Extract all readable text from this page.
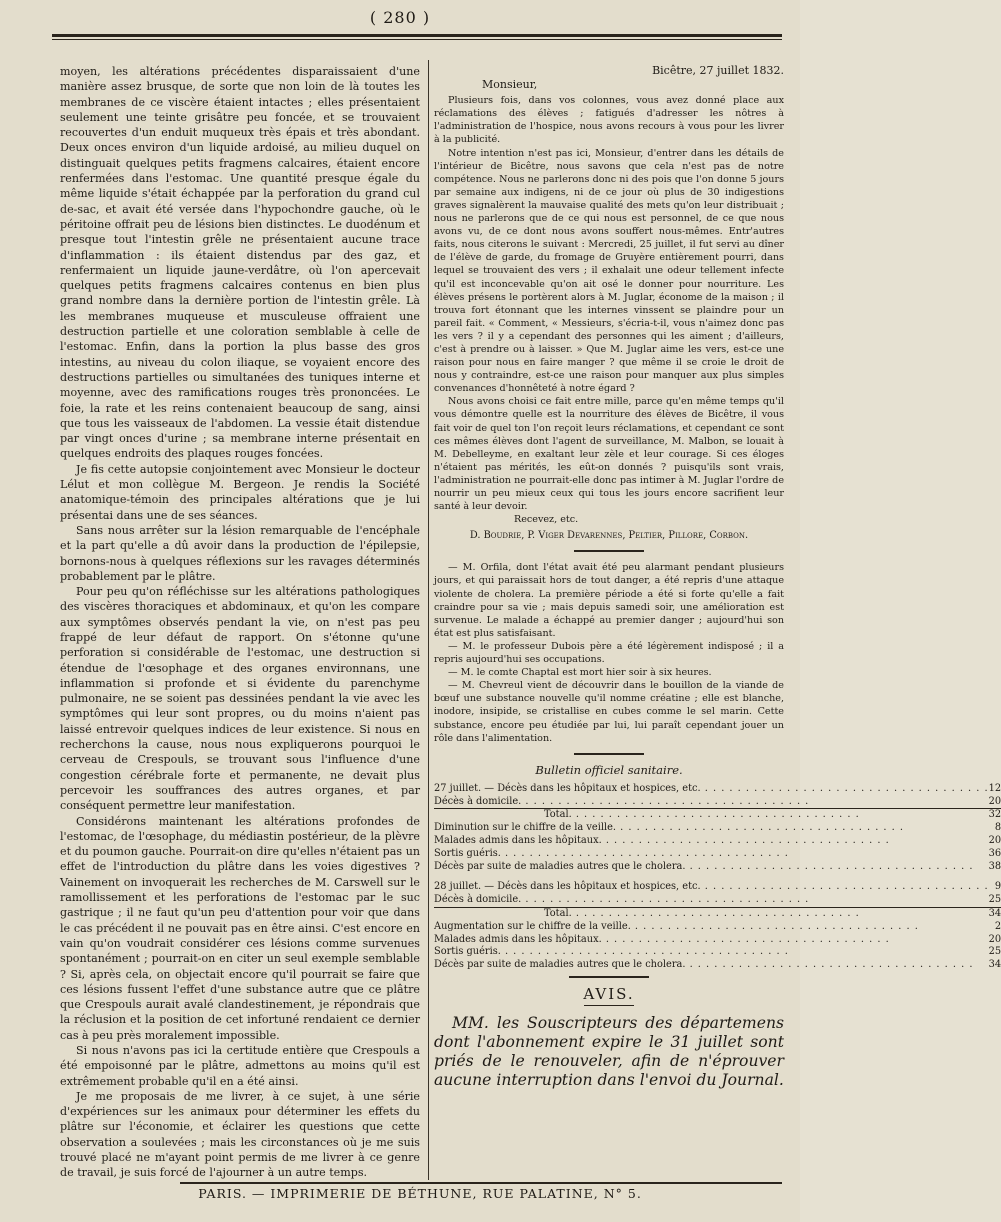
( 280 )

moyen, les altérations précédentes disparaissaient d'une manière assez brusque, de sorte que non loin de là toutes les membranes de ce viscère étaient intactes ; elles présentaient seulement une teinte grisâtre peu foncée, et se trouvaient recouvertes d'un enduit muqueux très épais et très abondant. Deux onces environ d'un liquide ardoisé, au milieu duquel on distinguait quelques petits fragmens calcaires, étaient encore renfermées dans l'estomac. Une quantité presque égale du même liquide s'était échappée par la perforation du grand cul de-sac, et avait été versée dans l'hypochondre gauche, où le péritoine offrait peu de lésions bien distinctes. Le duodénum et presque tout l'intestin grêle ne présentaient aucune trace d'inflammation : ils étaient distendus par des gaz, et renfermaient un liquide jaune-verdâtre, où l'on apercevait quelques petits fragmens calcaires contenus en bien plus grand nombre dans la dernière portion de l'intestin grêle. Là les membranes muqueuse et musculeuse offraient une destruction partielle et une coloration semblable à celle de l'estomac. Enfin, dans la portion la plus basse des gros intestins, au niveau du colon iliaque, se voyaient encore des destructions partielles ou simultanées des tuniques interne et moyenne, avec des ramifications rouges très prononcées. Le foie, la rate et les reins contenaient beaucoup de sang, ainsi que tous les vaisseaux de l'abdomen. La vessie était distendue par vingt onces d'urine ; sa membrane interne présentait en quelques endroits des plaques rouges foncées.

Je fis cette autopsie conjointement avec Monsieur le docteur Lélut et mon collègue M. Bergeon. Je rendis la Société anatomique-témoin des principales altérations que je lui présentai dans une de ses séances.

Sans nous arrêter sur la lésion remarquable de l'encéphale et la part qu'elle a dû avoir dans la production de l'épilepsie, bornons-nous à quelques réflexions sur les ravages déterminés probablement par le plâtre.

Pour peu qu'on réfléchisse sur les altérations pathologiques des viscères thoraciques et abdominaux, et qu'on les compare aux symptômes observés pendant la vie, on n'est pas peu frappé de leur défaut de rapport. On s'étonne qu'une perforation si considérable de l'estomac, une destruction si étendue de l'œsophage et des organes environnans, une inflammation si profonde et si évidente du parenchyme pulmonaire, ne se soient pas dessinées pendant la vie avec les symptômes qui leur sont propres, ou du moins n'aient pas laissé entrevoir quelques indices de leur existence. Si nous en recherchons la cause, nous nous expliquerons pourquoi le cerveau de Crespouls, se trouvant sous l'influence d'une congestion cérébrale forte et permanente, ne devait plus percevoir les souffrances des autres organes, et par conséquent permettre leur manifestation.

Considérons maintenant les altérations profondes de l'estomac, de l'œsophage, du médiastin postérieur, de la plèvre et du poumon gauche. Pourrait-on dire qu'elles n'étaient pas un effet de l'introduction du plâtre dans les voies digestives ? Vainement on invoquerait les recherches de M. Carswell sur le ramollissement et les perforations de l'estomac par le suc gastrique ; il ne faut qu'un peu d'attention pour voir que dans le cas précédent il ne pouvait pas en être ainsi. C'est encore en vain qu'on voudrait considérer ces lésions comme survenues spontanément ; pourrait-on en citer un seul exemple semblable ? Si, après cela, on objectait encore qu'il pourrait se faire que ces lésions fussent l'effet d'une substance autre que ce plâtre que Crespouls aurait avalé clandestinement, je répondrais que la réclusion et la position de cet infortuné rendaient ce dernier cas à peu près moralement impossible.

Si nous n'avons pas ici la certitude entière que Crespouls a été empoisonné par le plâtre, admettons au moins qu'il est extrêmement probable qu'il en a été ainsi.

Je me proposais de me livrer, à ce sujet, à une série d'expériences sur les animaux pour déterminer les effets du plâtre sur l'économie, et éclairer les questions que cette observation a soulevées ; mais les circonstances où je me suis trouvé placé ne m'ayant point permis de me livrer à ce genre de travail, je suis forcé de l'ajourner à un autre temps.

Bicêtre, 27 juillet 1832.
Monsieur,

Plusieurs fois, dans vos colonnes, vous avez donné place aux réclamations des élèves ; fatigués d'adresser les nôtres à l'administration de l'hospice, nous avons recours à vous pour les livrer à la publicité.

Notre intention n'est pas ici, Monsieur, d'entrer dans les détails de l'intérieur de Bicêtre, nous savons que cela n'est pas de notre compétence. Nous ne parlerons donc ni des pois que l'on donne 5 jours par semaine aux indigens, ni de ce jour où plus de 30 indigestions graves signalèrent la mauvaise qualité des mets qu'on leur distribuait ; nous ne parlerons que de ce qui nous est personnel, de ce que nous avons vu, de ce dont nous avons souffert nous-mêmes. Entr'autres faits, nous citerons le suivant : Mercredi, 25 juillet, il fut servi au dîner de l'élève de garde, du fromage de Gruyère entièrement pourri, dans lequel se trouvaient des vers ; il exhalait une odeur tellement infecte qu'il est inconcevable qu'on ait osé le donner pour nourriture. Les élèves présens le portèrent alors à M. Juglar, économe de la maison ; il trouva fort étonnant que les internes vinssent se plaindre pour un pareil fait. « Comment, « Messieurs, s'écria-t-il, vous n'aimez donc pas les vers ? il y a cependant des personnes qui les aiment ; d'ailleurs, c'est à prendre ou à laisser. » Que M. Juglar aime les vers, est-ce une raison pour nous en faire manger ? que même il se croie le droit de nous y contraindre, est-ce une raison pour manquer aux plus simples convenances d'honnêteté à notre égard ?

Nous avons choisi ce fait entre mille, parce qu'en même temps qu'il vous démontre quelle est la nourriture des élèves de Bicêtre, il vous fait voir de quel ton l'on reçoit leurs réclamations, et cependant ce sont ces mêmes élèves dont l'agent de surveillance, M. Malbon, se louait à M. Debelleyme, en exaltant leur zèle et leur courage. Si ces éloges n'étaient pas mérités, les eût-on donnés ? puisqu'ils sont vrais, l'administration ne pourrait-elle donc pas intimer à M. Juglar l'ordre de nourrir un peu mieux ceux qui tous les jours encore sacrifient leur santé à leur devoir.

Recevez, etc.

D. Boudrie, P. Viger Devarennes, Peltier, Pillore, Corbon.

— M. Orfila, dont l'état avait été peu alarmant pendant plusieurs jours, et qui paraissait hors de tout danger, a été repris d'une attaque violente de cholera. La première période a été si forte qu'elle a fait craindre pour sa vie ; mais depuis samedi soir, une amélioration est survenue. Le malade a échappé au premier danger ; aujourd'hui son état est plus satisfaisant.

— M. le professeur Dubois père a été légèrement indisposé ; il a repris aujourd'hui ses occupations.

— M. le comte Chaptal est mort hier soir à six heures.

— M. Chevreul vient de découvrir dans le bouillon de la viande de bœuf une substance nouvelle qu'il nomme créatine ; elle est blanche, inodore, insipide, se cristallise en cubes comme le sel marin. Cette substance, encore peu étudiée par lui, lui paraît cependant jouer un rôle dans l'alimentation.

Bulletin officiel sanitaire.
27 juillet. — Décès dans les hôpitaux et hospices, etc. . . .	12
Décès à domicile. . . .	20
Total. . . .	32
Diminution sur le chiffre de la veille. . . .	8
Malades admis dans les hôpitaux. . . .	20
Sortis guéris. . . .	36
Décès par suite de maladies autres que le cholera. . . .	38

28 juillet. — Décès dans les hôpitaux et hospices, etc. . . .	9
Décès à domicile. . . .	25
Total. . . .	34
Augmentation sur le chiffre de la veille. . . .	2
Malades admis dans les hôpitaux. . . .	20
Sortis guéris. . . .	25
Décès par suite de maladies autres que le cholera. . . .	34
AVIS.
MM. les Souscripteurs des départemens dont l'abonnement expire le 31 juillet sont priés de le renouveler, afin de n'éprouver aucune interruption dans l'envoi du Journal.
PARIS. — IMPRIMERIE DE BÉTHUNE, RUE PALATINE, N° 5.
